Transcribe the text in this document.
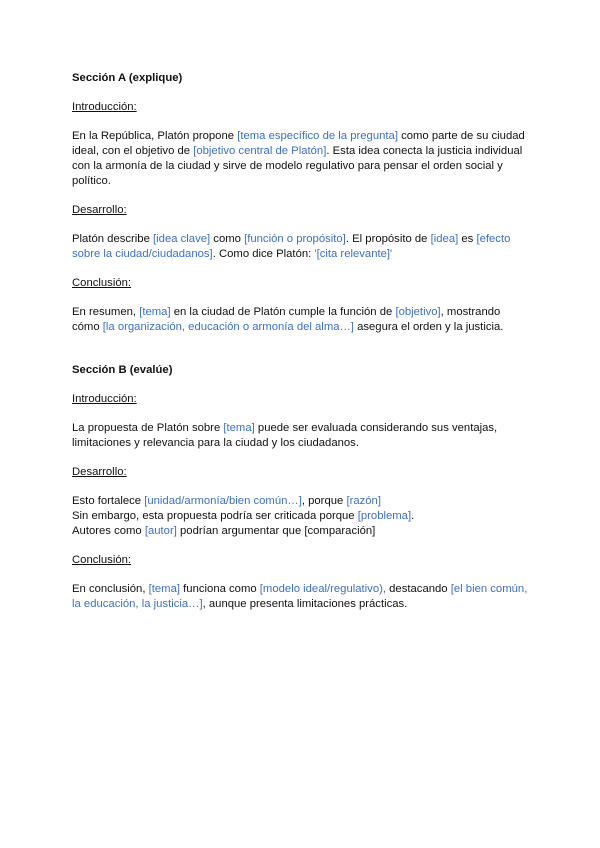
Sección A (explique)
Introducción:
En la República, Platón propone [tema específico de la pregunta] como parte de su ciudad ideal, con el objetivo de [objetivo central de Platón]. Esta idea conecta la justicia individual con la armonía de la ciudad y sirve de modelo regulativo para pensar el orden social y político.
Desarrollo:
Platón describe [idea clave] como [función o propósito]. El propósito de [idea] es [efecto sobre la ciudad/ciudadanos]. Como dice Platón: '[cita relevante]'
Conclusión:
En resumen, [tema] en la ciudad de Platón cumple la función de [objetivo], mostrando cómo [la organización, educación o armonía del alma…] asegura el orden y la justicia.
Sección B (evalúe)
Introducción:
La propuesta de Platón sobre [tema] puede ser evaluada considerando sus ventajas, limitaciones y relevancia para la ciudad y los ciudadanos.
Desarrollo:
Esto fortalece [unidad/armonía/bien común…], porque [razón]
Sin embargo, esta propuesta podría ser criticada porque [problema].
Autores como [autor] podrían argumentar que [comparación]
Conclusión:
En conclusión, [tema] funciona como [modelo ideal/regulativo), destacando [el bien común, la educación, la justicia…], aunque presenta limitaciones prácticas.
